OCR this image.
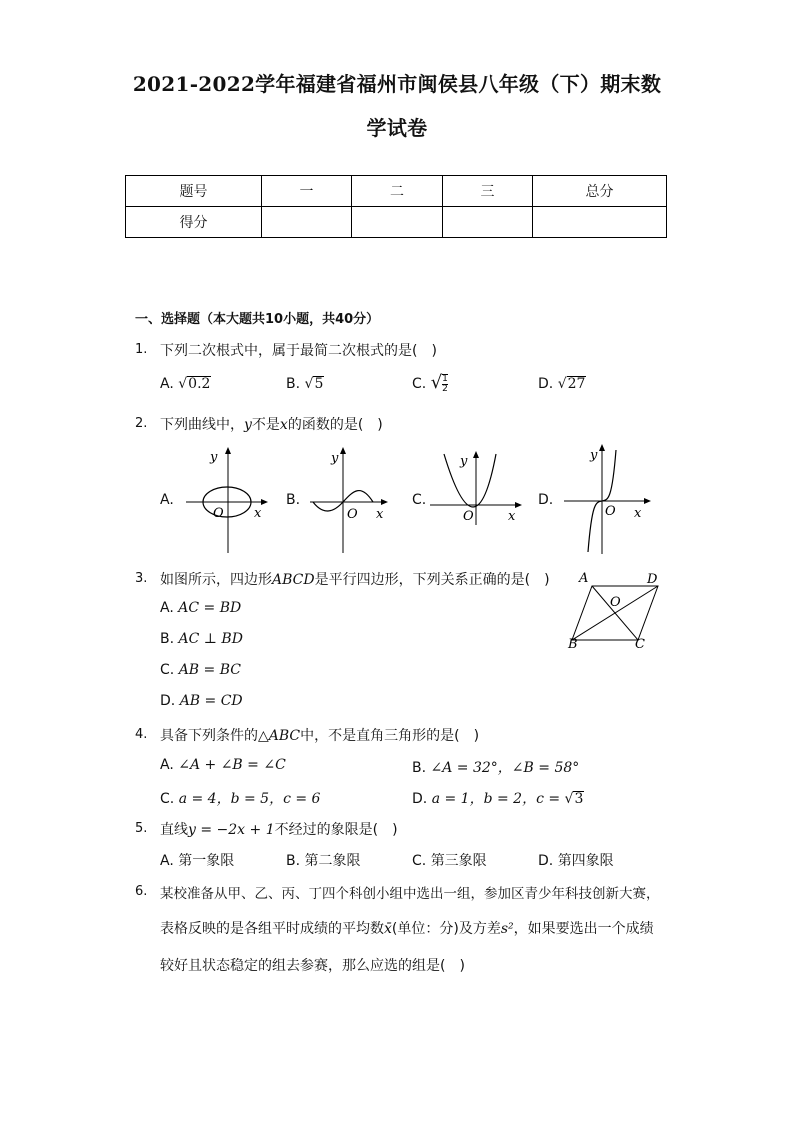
2021-2022学年福建省福州市闽侯县八年级（下）期末数
学试卷
题号	一	二	三	总分
得分				
一、选择题（本大题共10小题，共40分）
1. 下列二次根式中，属于最简二次根式的是(　)
A. √0.2	B. √5	C. √ $\frac{1}{2}$	D. √27
2. 下列曲线中，y不是x的函数的是(　)
A.
y
x
O
B.
y
x
O
C.
y
x
O
D.
y
x
O
3. 如图所示，四边形ABCD是平行四边形，下列关系正确的是(　)
A. AC = BD
B. AC ⊥ BD
C. AB = BC
D. AB = CD
A	D
B	C
O
4. 具备下列条件的△ABC中，不是直角三角形的是(　)
A. ∠A + ∠B = ∠C	B. ∠A = 32°，∠B = 58°
C. a = 4，b = 5，c = 6	D. a = 1，b = 2，c = √3
5. 直线y = −2x + 1不经过的象限是(　)
A. 第一象限	B. 第二象限	C. 第三象限	D. 第四象限
6. 某校准备从甲、乙、丙、丁四个科创小组中选出一组，参加区青少年科技创新大赛，
表格反映的是各组平时成绩的平均数x̄(单位：分)及方差s²，如果要选出一个成绩
较好且状态稳定的组去参赛，那么应选的组是(　)
